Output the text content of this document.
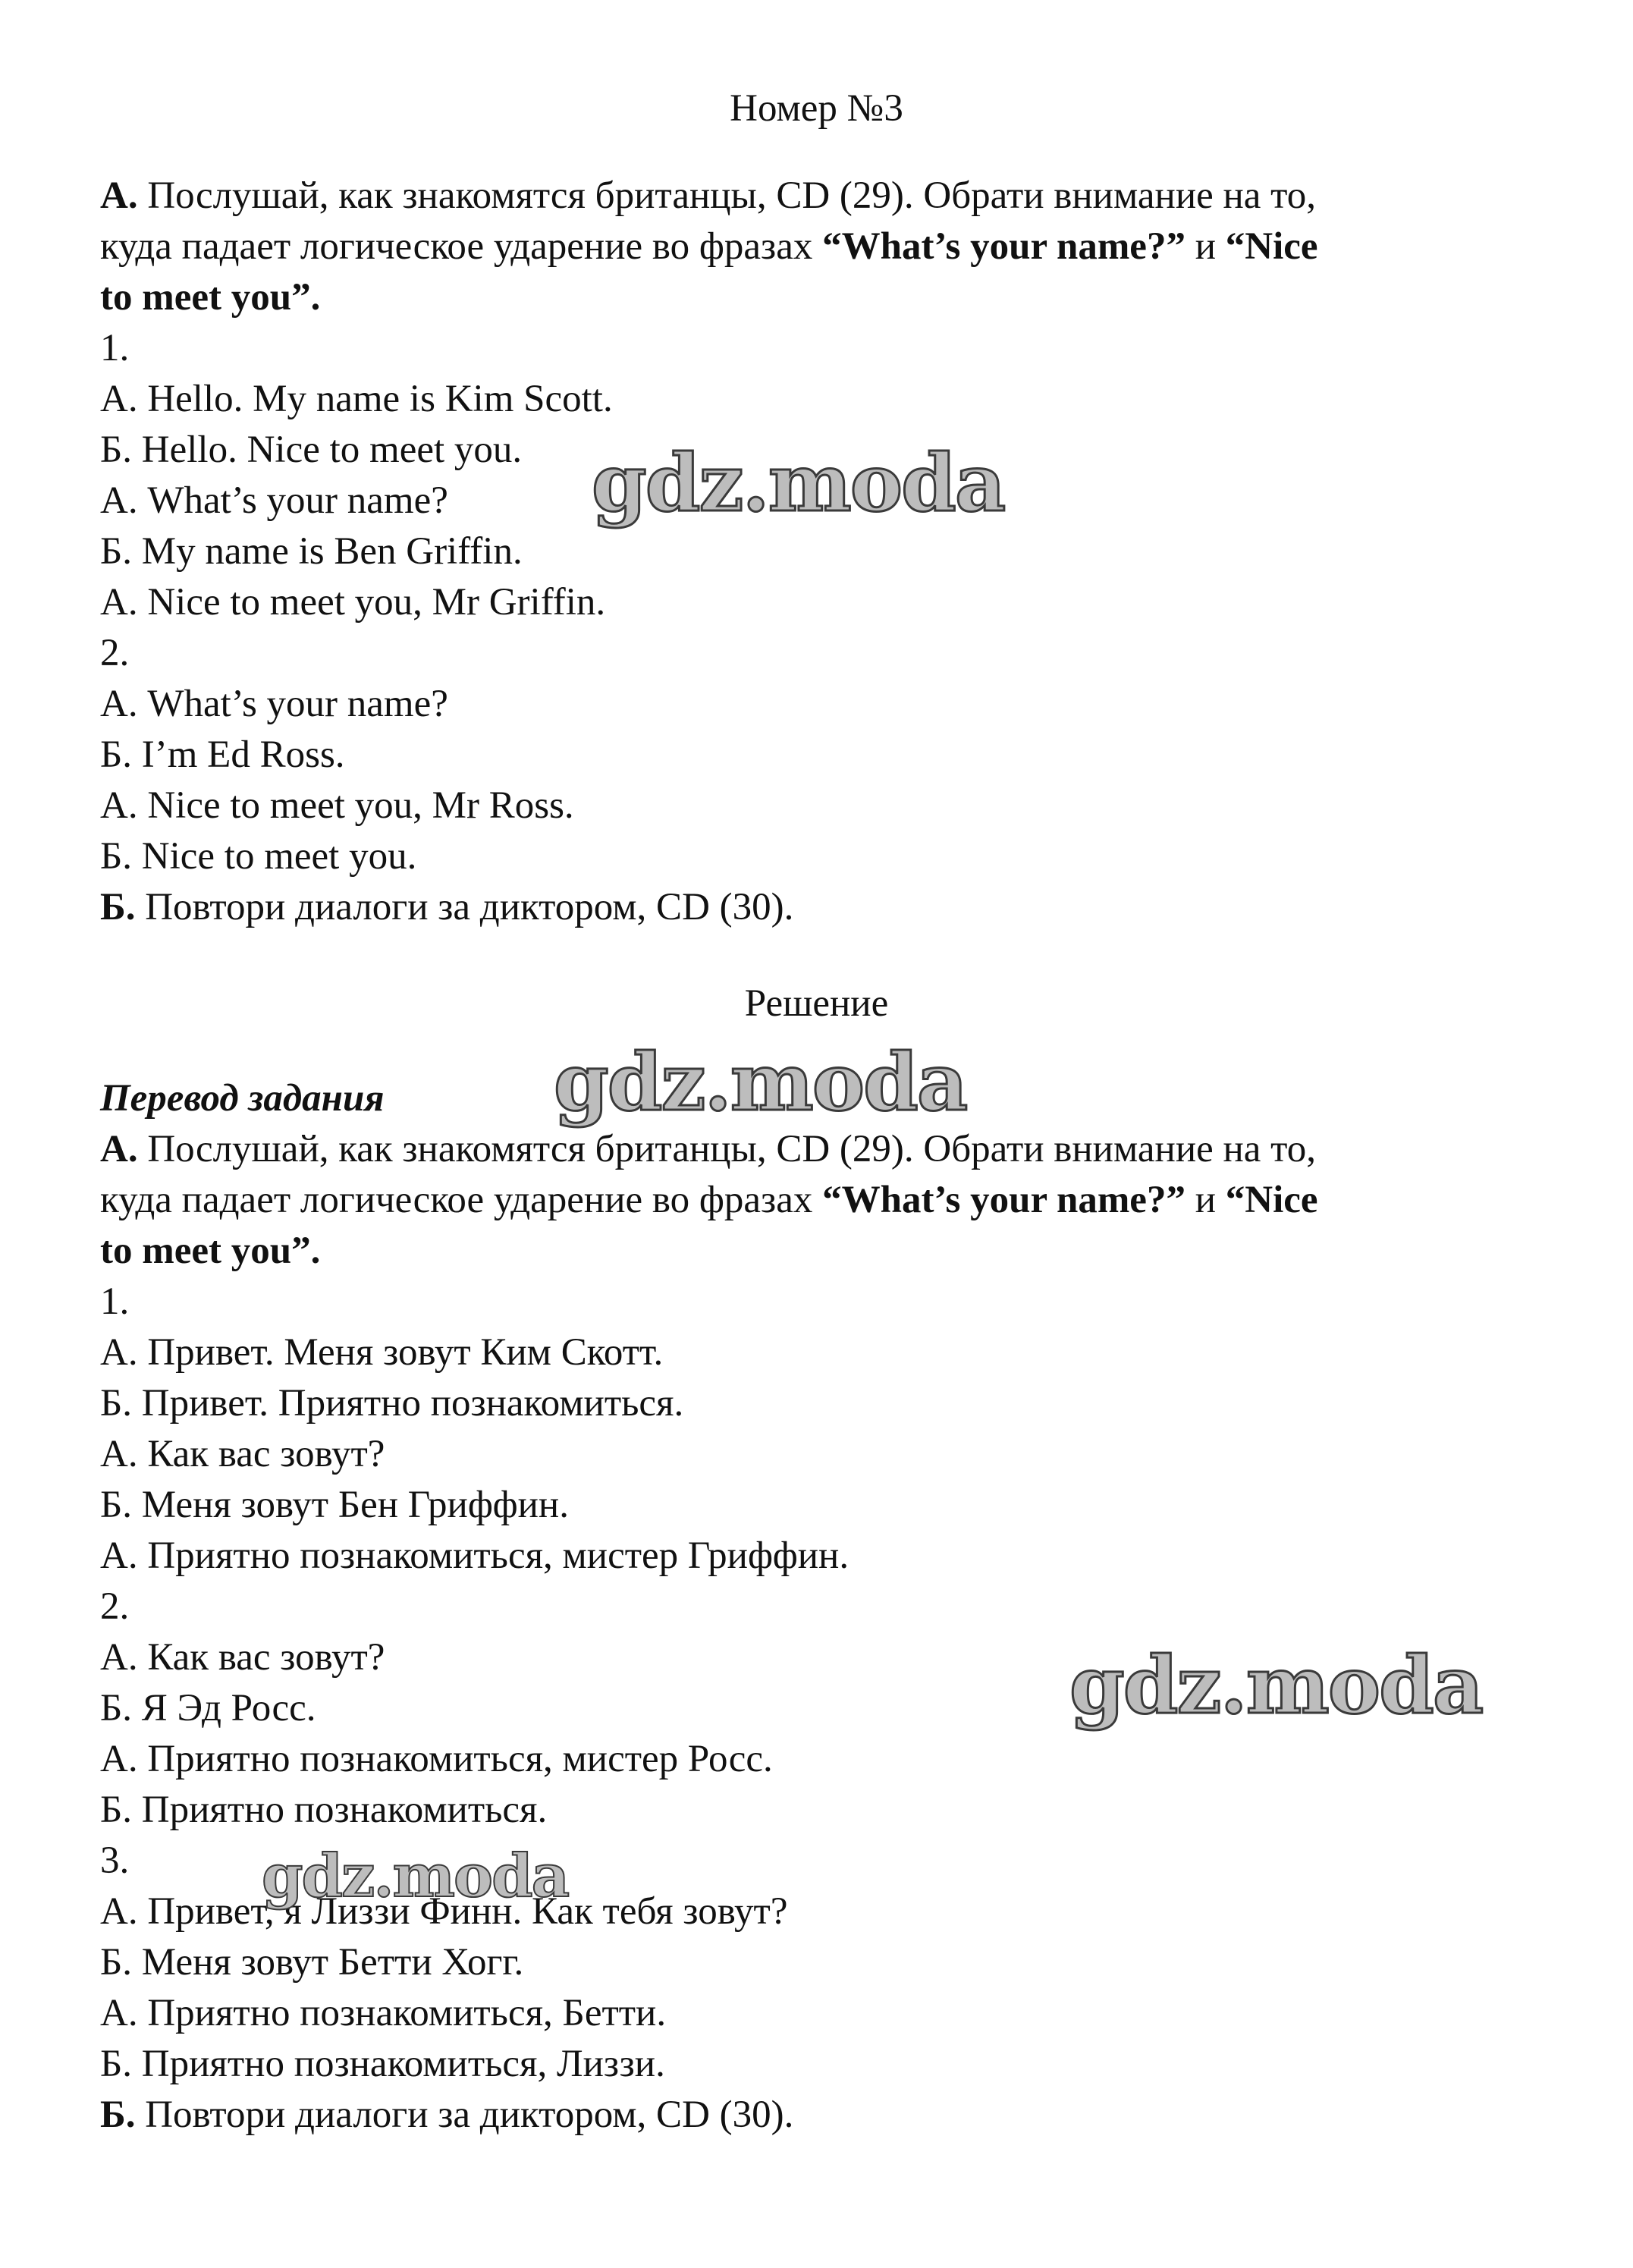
Номер №3
А. Послушай, как знакомятся британцы, CD (29). Обрати внимание на то,
куда падает логическое ударение во фразах “What’s your name?” и “Nice
to meet you”.
1.
А. Hello. My name is Kim Scott.
Б. Hello. Nice to meet you.
А. What’s your name?
Б. My name is Ben Griffin.
А. Nice to meet you, Mr Griffin.
2.
А. What’s your name?
Б. I’m Ed Ross.
А. Nice to meet you, Mr Ross.
Б. Nice to meet you.
Б. Повтори диалоги за диктором, CD (30).
Решение
Перевод задания
А. Послушай, как знакомятся британцы, CD (29). Обрати внимание на то,
куда падает логическое ударение во фразах “What’s your name?” и “Nice
to meet you”.
1.
А. Привет. Меня зовут Ким Скотт.
Б. Привет. Приятно познакомиться.
А. Как вас зовут?
Б. Меня зовут Бен Гриффин.
А. Приятно познакомиться, мистер Гриффин.
2.
А. Как вас зовут?
Б. Я Эд Росс.
А. Приятно познакомиться, мистер Росс.
Б. Приятно познакомиться.
3.
А. Привет, я Лиззи Финн. Как тебя зовут?
Б. Меня зовут Бетти Хогг.
А. Приятно познакомиться, Бетти.
Б. Приятно познакомиться, Лиззи.
Б. Повтори диалоги за диктором, CD (30).
gdz.moda
gdz.moda
gdz.moda
gdz.moda
